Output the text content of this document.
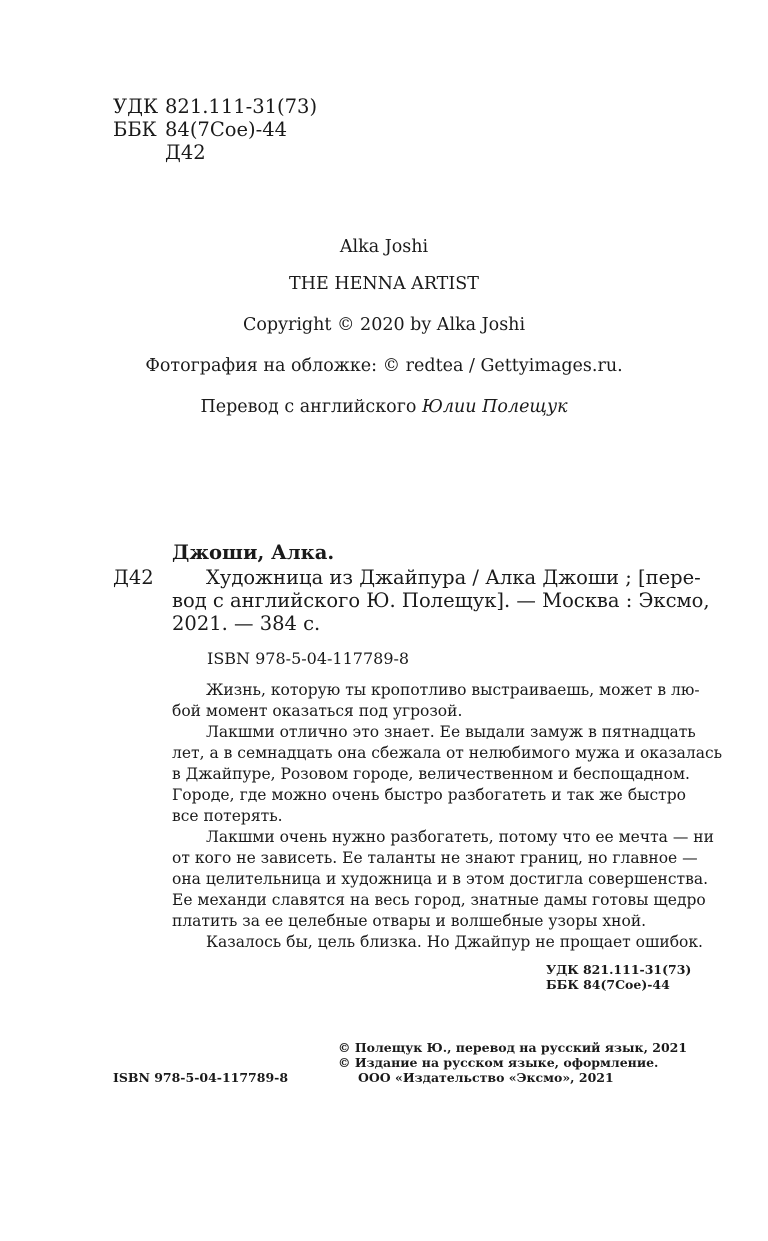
УДК 821.111-31(73)
ББК 84(7Сое)-44
Д42
Alka Joshi
THE HENNA ARTIST
Copyright © 2020 by Alka Joshi
Фотография на обложке: © redtea / Gettyimages.ru.
Перевод с английского Юлии Полещук
Джоши, Алка.
Д42	Художница из Джайпура / Алка Джоши ; [пере-
вод с английского Ю. Полещук]. — Москва : Эксмо,
2021. — 384 с.
ISBN 978-5-04-117789-8
Жизнь, которую ты кропотливо выстраиваешь, может в лю-
бой момент оказаться под угрозой.
Лакшми отлично это знает. Ее выдали замуж в пятнадцать
лет, а в семнадцать она сбежала от нелюбимого мужа и оказалась
в Джайпуре, Розовом городе, величественном и беспощадном.
Городе, где можно очень быстро разбогатеть и так же быстро
все потерять.
Лакшми очень нужно разбогатеть, потому что ее мечта — ни
от кого не зависеть. Ее таланты не знают границ, но главное —
она целительница и художница и в этом достигла совершенства.
Ее механди славятся на весь город, знатные дамы готовы щедро
платить за ее целебные отвары и волшебные узоры хной.
Казалось бы, цель близка. Но Джайпур не прощает ошибок.
УДК 821.111-31(73)
ББК 84(7Сое)-44
© Полещук Ю., перевод на русский язык, 2021
© Издание на русском языке, оформление.
ООО «Издательство «Эксмо», 2021
ISBN 978-5-04-117789-8
